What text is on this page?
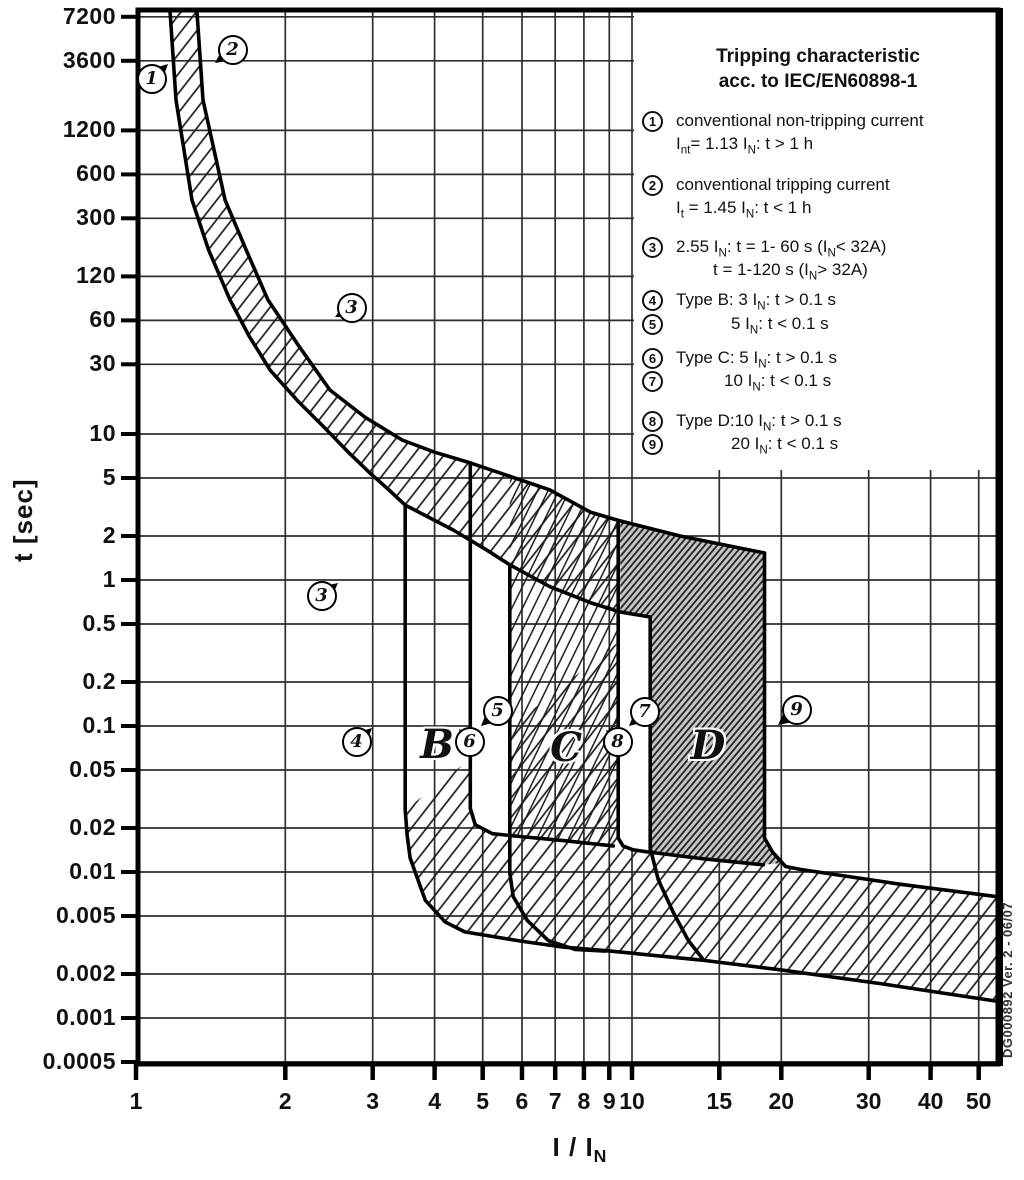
t [sec]
I / $I_N$
Tripping characteristic
acc. to IEC/EN60898-1
1	conventional non-tripping current
$I_{nt}= 1.13$ $I_N$: t > 1 h
2	conventional tripping current
$I_t = 1.45$ $I_N$: t < 1 h
3	2.55 $I_N$: t = 1- 60 s $(I_N< 32A)$
t = 1-120 s $(I_N> 32A)$
4	Type B: 3 $I_N$: t > 0.1 s
5	5 $I_N$: t < 0.1 s
6	Type C: 5 $I_N$: t > 0.1 s
7	10 $I_N$: t < 0.1 s
8	Type D:10 $I_N$: t > 0.1 s
9	20 $I_N$: t < 0.1 s
DG000892 Ver. 2 - 06/07
7200
3600
1200
600
300
120
60
30
10
5
2
1
0.5
0.2
0.1
0.05
0.02
0.01
0.005
0.002
0.001
0.0005
1	2	3	4	5	6 7 8 9 10	15	20	30	40 50
1
2
3
3
4
5
6
7
8
9
B	C	D
